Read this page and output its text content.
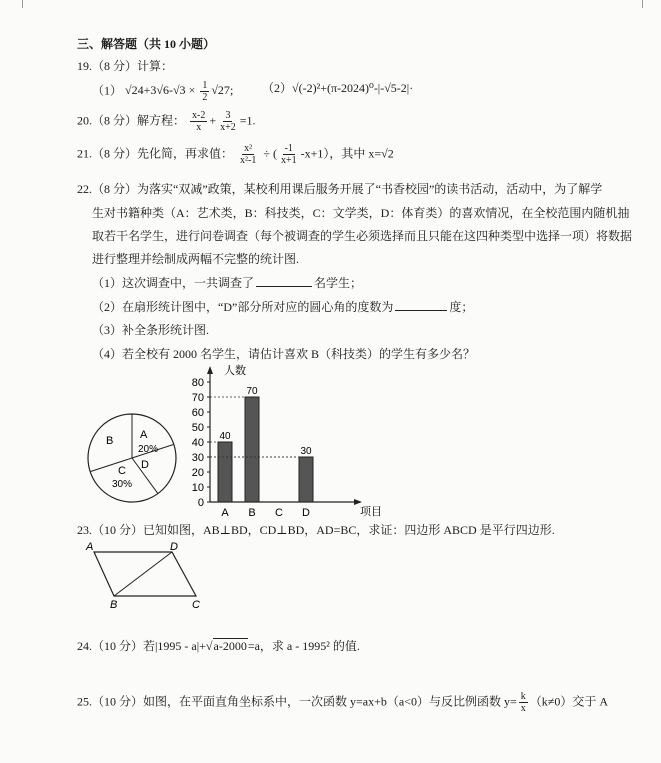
三、解答题（共 10 小题）
19.（8 分）计算：
（1） $√24+3√6-√3 \times \frac{1}{2} √27$; （2）√(-2)²+(π-2024)⁰-|-√5-2|·
20.（8 分）解方程： $\frac{x-2}{x} + \frac{3}{x+2} =1$.
21.（8 分）先化简，再求值： $\frac{\text{x²}}{\text{x²-1}}$ ÷ ( $\frac{-1}{x+1} -x+1$），其中 x=√2
22.（8 分）为落实“双减”政策，某校利用课后服务开展了“书香校园”的读书活动，活动中，为了解学
生对书籍种类（A：艺术类，B：科技类，C：文学类，D：体育类）的喜欢情况，在全校范围内随机抽
取若干名学生，进行问卷调查（每个被调查的学生必须选择而且只能在这四种类型中选择一项）将数据
进行整理并绘制成两幅不完整的统计图.
（1）这次调查中，一共调查了	名学生；
（2）在扇形统计图中，“D”部分所对应的圆心角的度数为	度；
（3）补全条形统计图.
（4）若全校有 2000 名学生，请估计喜欢 B（科技类）的学生有多少名？
B A
20%
D
C
30%
0
10
20
30
40
50
60
70
80
40
A
70
B C
30
D
人数
项目
23.（10 分）已知如图，AB⊥BD，CD⊥BD，AD=BC，求证：四边形 ABCD 是平行四边形.
A	D
B	C
24.（10 分）若|1995 - a|+√a-2000=a，求 a - 1995² 的值.
25.（10 分）如图，在平面直角坐标系中，一次函数 y=ax+b（a<0）与反比例函数 $y= \frac{k}{x} (k\ne 0)$交于 A
